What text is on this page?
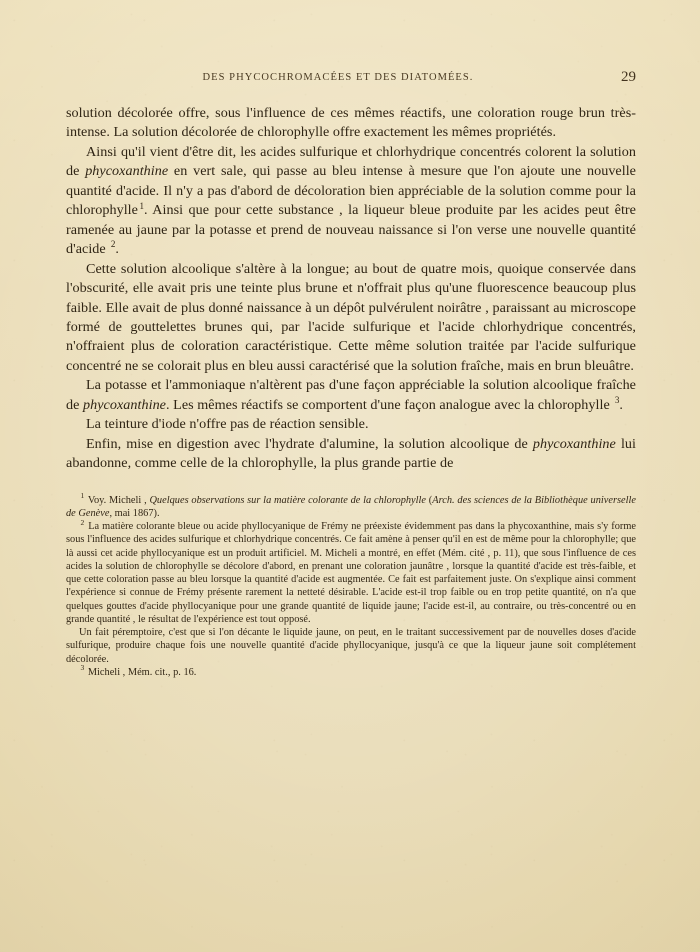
DES PHYCOCHROMACÉES ET DES DIATOMÉES.	29

solution décolorée offre, sous l'influence de ces mêmes réactifs, une coloration rouge brun très-intense. La solution décolorée de chlorophylle offre exactement les mêmes propriétés.

Ainsi qu'il vient d'être dit, les acides sulfurique et chlorhydrique concentrés colorent la solution de phycoxanthine en vert sale, qui passe au bleu intense à mesure que l'on ajoute une nouvelle quantité d'acide. Il n'y a pas d'abord de décoloration bien appréciable de la solution comme pour la chlorophylle $^1$. Ainsi que pour cette substance , la liqueur bleue produite par les acides peut être ramenée au jaune par la potasse et prend de nouveau naissance si l'on verse une nouvelle quantité d'acide $^2$.

Cette solution alcoolique s'altère à la longue; au bout de quatre mois, quoique conservée dans l'obscurité, elle avait pris une teinte plus brune et n'offrait plus qu'une fluorescence beaucoup plus faible. Elle avait de plus donné naissance à un dépôt pulvérulent noirâtre , paraissant au microscope formé de gouttelettes brunes qui, par l'acide sulfurique et l'acide chlorhydrique concentrés, n'offraient plus de coloration caractéristique. Cette même solution traitée par l'acide sulfurique concentré ne se colorait plus en bleu aussi caractérisé que la solution fraîche, mais en brun bleuâtre.

La potasse et l'ammoniaque n'altèrent pas d'une façon appréciable la solution alcoolique fraîche de phycoxanthine. Les mêmes réactifs se comportent d'une façon analogue avec la chlorophylle $^3$.

La teinture d'iode n'offre pas de réaction sensible.

Enfin, mise en digestion avec l'hydrate d'alumine, la solution alcoolique de phycoxanthine lui abandonne, comme celle de la chlorophylle, la plus grande partie de

$^1$ Voy. Micheli , Quelques observations sur la matière colorante de la chlorophylle (Arch. des sciences de la Bibliothèque universelle de Genève, mai 1867).

$^2$ La matière colorante bleue ou acide phyllocyanique de Frémy ne préexiste évidemment pas dans la phycoxanthine, mais s'y forme sous l'influence des acides sulfurique et chlorhydrique concentrés. Ce fait amène à penser qu'il en est de même pour la chlorophylle; que là aussi cet acide phyllocyanique est un produit artificiel. M. Micheli a montré, en effet (Mém. cité , p. 11), que sous l'influence de ces acides la solution de chlorophylle se décolore d'abord, en prenant une coloration jaunâtre , lorsque la quantité d'acide est très-faible, et que cette coloration passe au bleu lorsque la quantité d'acide est augmentée. Ce fait est parfaitement juste. On s'explique ainsi comment l'expérience si connue de Frémy présente rarement la netteté désirable. L'acide est-il trop faible ou en trop petite quantité, on n'a que quelques gouttes d'acide phyllocyanique pour une grande quantité de liquide jaune; l'acide est-il, au contraire, ou très-concentré ou en grande quantité , le résultat de l'expérience est tout opposé.

Un fait péremptoire, c'est que si l'on décante le liquide jaune, on peut, en le traitant successivement par de nouvelles doses d'acide sulfurique, produire chaque fois une nouvelle quantité d'acide phyllocyanique, jusqu'à ce que la liqueur jaune soit complétement décolorée.

$^3$ Micheli , Mém. cit., p. 16.
